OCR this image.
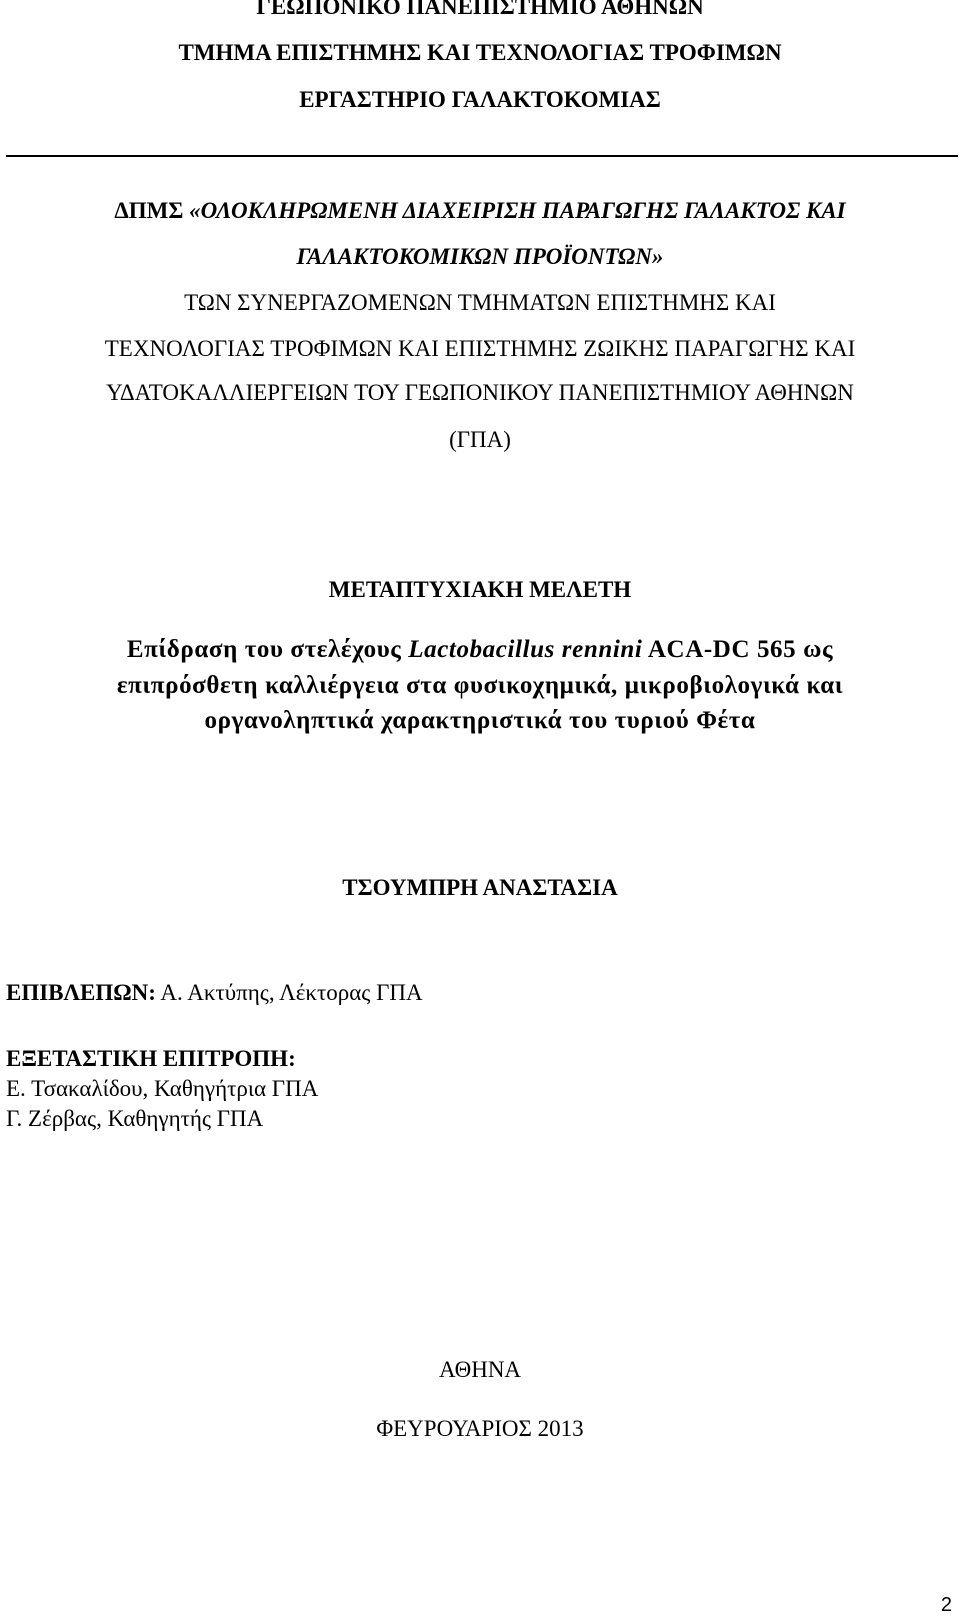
ΓΕΩΠΟΝΙΚΟ ΠΑΝΕΠΙΣΤΗΜΙΟ ΑΘΗΝΩΝ
ΤΜΗΜΑ ΕΠΙΣΤΗΜΗΣ ΚΑΙ ΤΕΧΝΟΛΟΓΙΑΣ ΤΡΟΦΙΜΩΝ
ΕΡΓΑΣΤΗΡΙΟ ΓΑΛΑΚΤΟΚΟΜΙΑΣ
ΔΠΜΣ «ΟΛΟΚΛΗΡΩΜΕΝΗ ΔΙΑΧΕΙΡΙΣΗ ΠΑΡΑΓΩΓΗΣ ΓΑΛΑΚΤΟΣ ΚΑΙ
ΓΑΛΑΚΤΟΚΟΜΙΚΩΝ ΠΡΟΪΟΝΤΩΝ»
ΤΩΝ ΣΥΝΕΡΓΑΖΟΜΕΝΩΝ ΤΜΗΜΑΤΩΝ ΕΠΙΣΤΗΜΗΣ ΚΑΙ
ΤΕΧΝΟΛΟΓΙΑΣ ΤΡΟΦΙΜΩΝ ΚΑΙ ΕΠΙΣΤΗΜΗΣ ΖΩΙΚΗΣ ΠΑΡΑΓΩΓΗΣ ΚΑΙ
ΥΔΑΤΟΚΑΛΛΙΕΡΓΕΙΩΝ ΤΟΥ ΓΕΩΠΟΝΙΚΟΥ ΠΑΝΕΠΙΣΤΗΜΙΟΥ ΑΘΗΝΩΝ
(ΓΠΑ)
ΜΕΤΑΠΤΥΧΙΑΚΗ ΜΕΛΕΤΗ
Επίδραση του στελέχους Lactobacillus rennini ACA-DC 565 ως
επιπρόσθετη καλλιέργεια στα φυσικοχημικά, μικροβιολογικά και
οργανοληπτικά χαρακτηριστικά του τυριού Φέτα
ΤΣΟΥΜΠΡΗ ΑΝΑΣΤΑΣΙΑ
ΕΠΙΒΛΕΠΩΝ: Α. Ακτύπης, Λέκτορας ΓΠΑ
ΕΞΕΤΑΣΤΙΚΗ ΕΠΙΤΡΟΠΗ:
Ε. Τσακαλίδου, Καθηγήτρια ΓΠΑ
Γ. Ζέρβας, Καθηγητής ΓΠΑ
ΑΘΗΝΑ
ΦΕΥΡΟΥΑΡΙΟΣ 2013
2
